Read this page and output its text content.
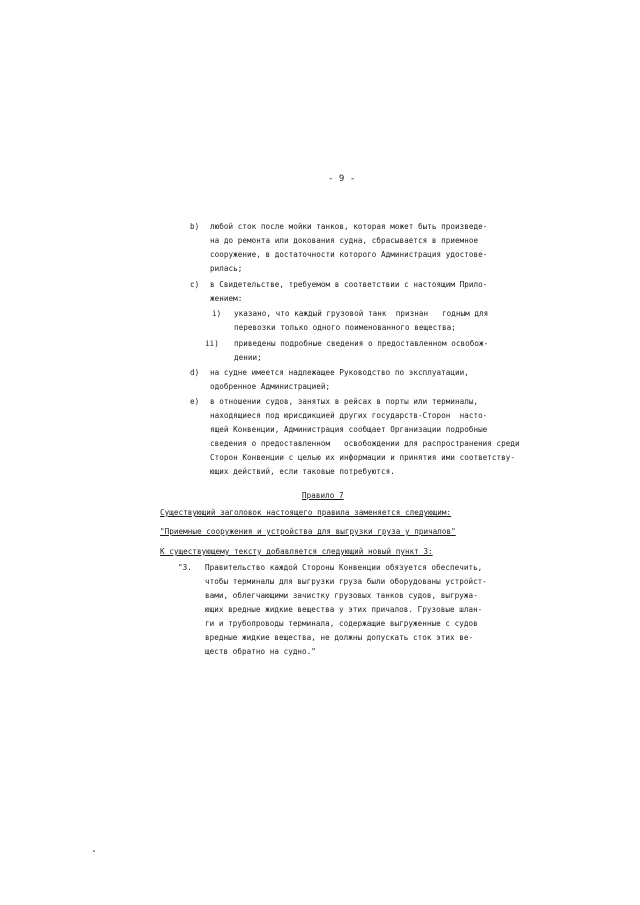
- 9 -
b) любой сток после мойки танков, которая может быть произведе-
на до ремонта или докования судна, сбрасывается в приемное
сооружение, в достаточности которого Администрация удостове-
рилась;
c) в Свидетельстве, требуемом в соответствии с настоящим Прило-
жением:
i) указано, что каждый грузовой танк  признан   годным для
перевозки только одного поименованного вещества;
ii) приведены подробные сведения о предоставленном освобож-
дении;
d) на судне имеется надлежащее Руководство по эксплуатации,
одобренное Администрацией;
e) в отношении судов, занятых в рейсах в порты или терминалы,
находящиеся под юрисдикцией других государств-Сторон  насто-
ящей Конвенции, Администрация сообщает Организации подробные
сведения о предоставленном   освобождении для распространения среди
Сторон Конвенции с целью их информации и принятия ими соответству-
ющих действий, если таковые потребуются.
Правило 7
Существующий заголовок настоящего правила заменяется следующим:
"Приемные сооружения и устройства для выгрузки груза у причалов"
К существующему тексту добавляется следующий новый пункт 3:
"3. Правительство каждой Стороны Конвенции обязуется обеспечить,
чтобы терминалы для выгрузки груза были оборудованы устройст-
вами, облегчающими зачистку грузовых танков судов, выгружа-
ющих вредные жидкие вещества у этих причалов. Грузовые шлан-
ги и трубопроводы терминала, содержащие выгруженные с судов
вредные жидкие вещества, не должны допускать сток этих ве-
ществ обратно на судно."
